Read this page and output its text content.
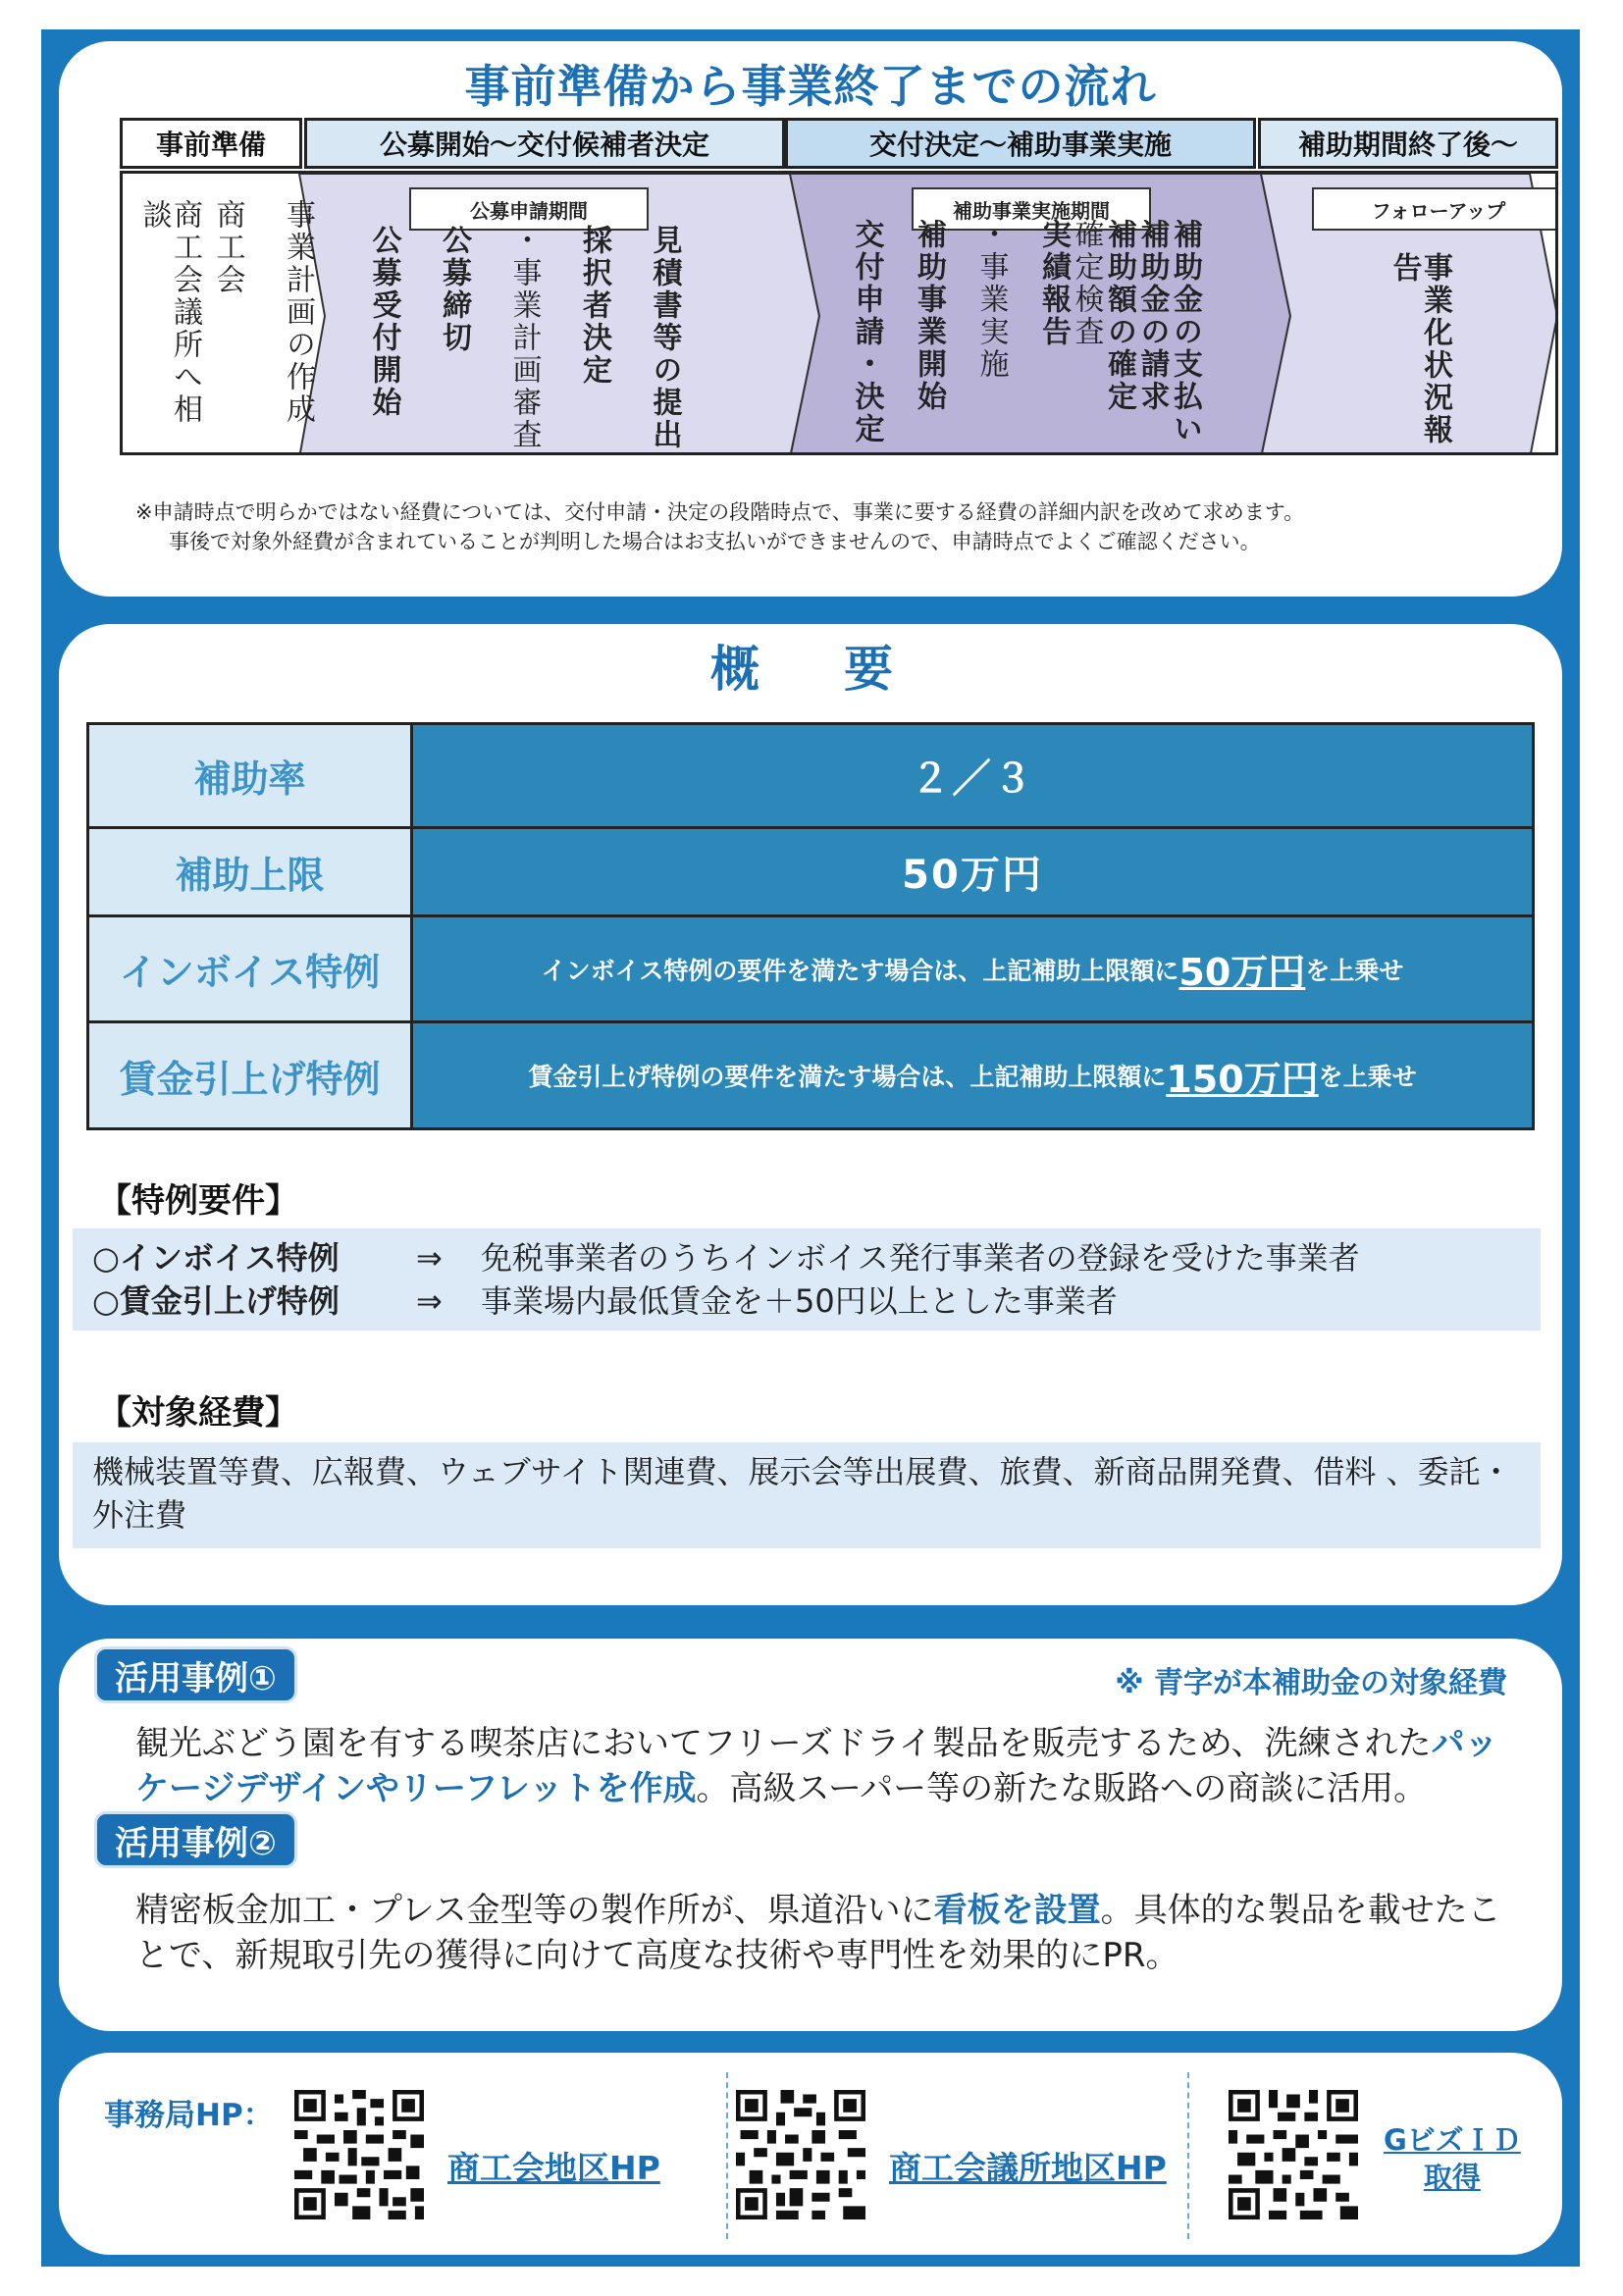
事前準備から事業終了までの流れ
事前準備	公募開始～交付候補者決定	交付決定～補助事業実施	補助期間終了後～
公募申請期間	補助事業実施期間	フォローアップ
事業計画の作成
商工会
商工会議所へ相談
見積書等の提出
採択者決定
・事業計画審査
公募締切
公募受付開始	補助金の支払い
補助金の請求
補助額の確定
確定検査
実績報告
・事業実施
補助事業開始
交付申請・決定	事業化状況報告
※申請時点で明らかではない経費については、交付申請・決定の段階時点で、事業に要する経費の詳細内訳を改めて求めます。
事後で対象外経費が含まれていることが判明した場合はお支払いができませんので、申請時点でよくご確認ください。
概　要
補助率	２／３
補助上限	50万円
インボイス特例	インボイス特例の要件を満たす場合は、上記補助上限額に 50万円 を上乗せ
賃金引上げ特例	賃金引上げ特例の要件を満たす場合は、上記補助上限額に 150万円 を上乗せ
【特例要件】
○インボイス特例	⇒	免税事業者のうちインボイス発行事業者の登録を受けた事業者
○賃金引上げ特例	⇒	事業場内最低賃金を＋50円以上とした事業者
【対象経費】
機械装置等費、広報費、ウェブサイト関連費、展示会等出展費、旅費、新商品開発費、借料 、委託・外注費
※ 青字が本補助金の対象経費
活用事例①
観光ぶどう園を有する喫茶店においてフリーズドライ製品を販売するため、洗練されたパッケージデザインやリーフレットを作成。高級スーパー等の新たな販路への商談に活用。
活用事例②
精密板金加工・プレス金型等の製作所が、県道沿いに看板を設置。具体的な製品を載せたことで、新規取引先の獲得に向けて高度な技術や専門性を効果的にPR。
事務局HP：
商工会地区HP	商工会議所地区HP
GビズＩＤ
取得
